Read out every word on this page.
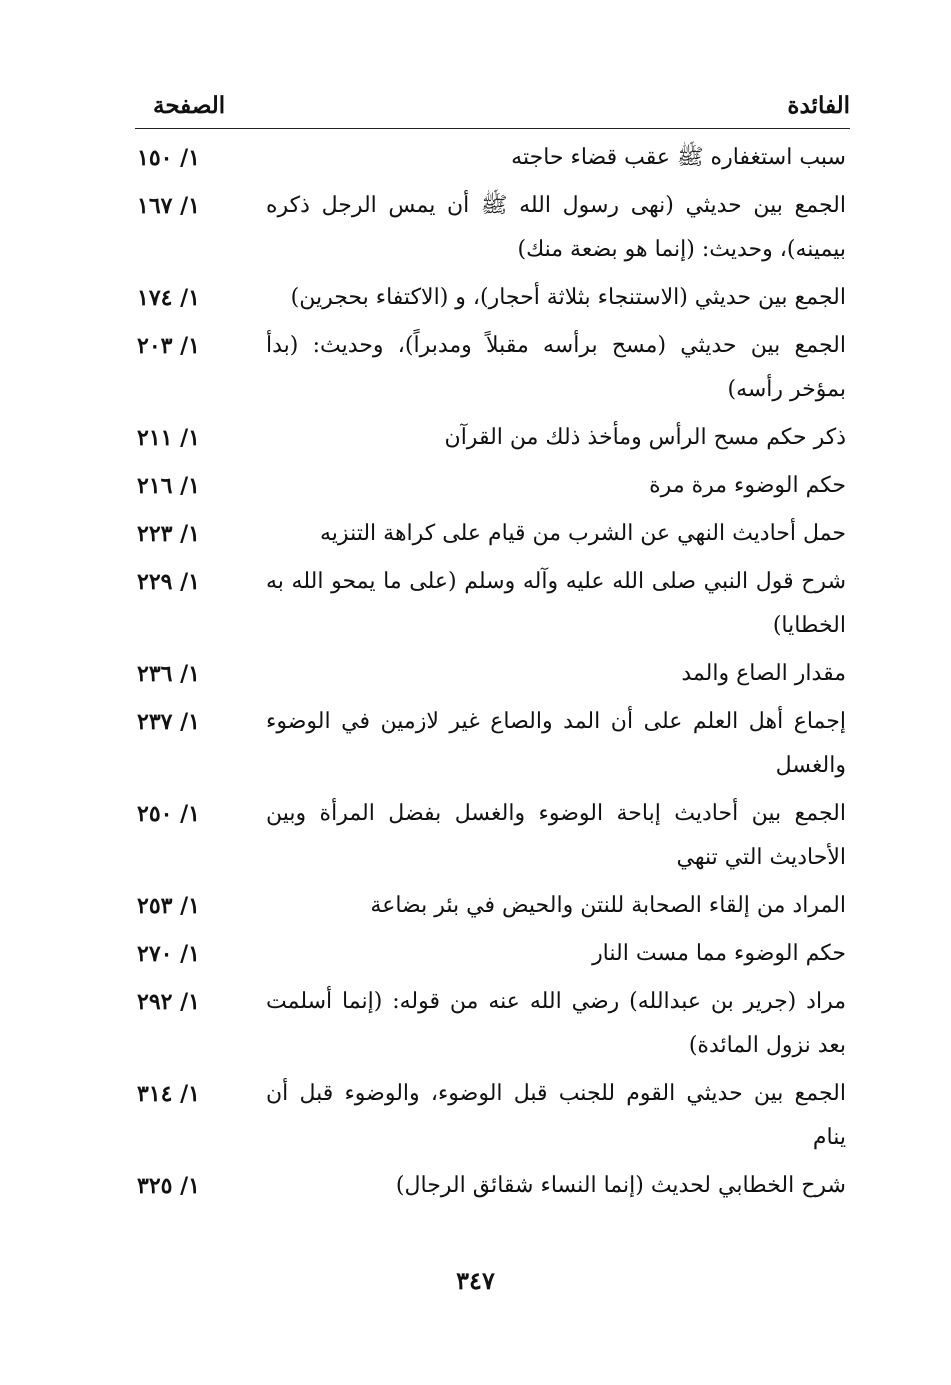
الفائدة
الصفحة
سبب استغفاره ﷺ عقب قضاء حاجته
١/ ١٥٠
الجمع بين حديثي (نهى رسول الله ﷺ أن يمس الرجل ذكره بيمينه)، وحديث: (إنما هو بضعة منك)
١/ ١٦٧
الجمع بين حديثي (الاستنجاء بثلاثة أحجار)، و (الاكتفاء بحجرين)
١/ ١٧٤
الجمع بين حديثي (مسح برأسه مقبلاً ومدبراً)، وحديث: (بدأ بمؤخر رأسه)
١/ ٢٠٣
ذكر حكم مسح الرأس ومأخذ ذلك من القرآن
١/ ٢١١
حكم الوضوء مرة مرة
١/ ٢١٦
حمل أحاديث النهي عن الشرب من قيام على كراهة التنزيه
١/ ٢٢٣
شرح قول النبي صلى الله عليه وآله وسلم (على ما يمحو الله به الخطايا)
١/ ٢٢٩
مقدار الصاع والمد
١/ ٢٣٦
إجماع أهل العلم على أن المد والصاع غير لازمين في الوضوء والغسل
١/ ٢٣٧
الجمع بين أحاديث إباحة الوضوء والغسل بفضل المرأة وبين الأحاديث التي تنهي
١/ ٢٥٠
المراد من إلقاء الصحابة للنتن والحيض في بئر بضاعة
١/ ٢٥٣
حكم الوضوء مما مست النار
١/ ٢٧٠
مراد (جرير بن عبدالله) رضي الله عنه من قوله: (إنما أسلمت بعد نزول المائدة)
١/ ٢٩٢
الجمع بين حديثي القوم للجنب قبل الوضوء، والوضوء قبل أن ينام
١/ ٣١٤
شرح الخطابي لحديث (إنما النساء شقائق الرجال)
١/ ٣٢٥
٣٤٧
